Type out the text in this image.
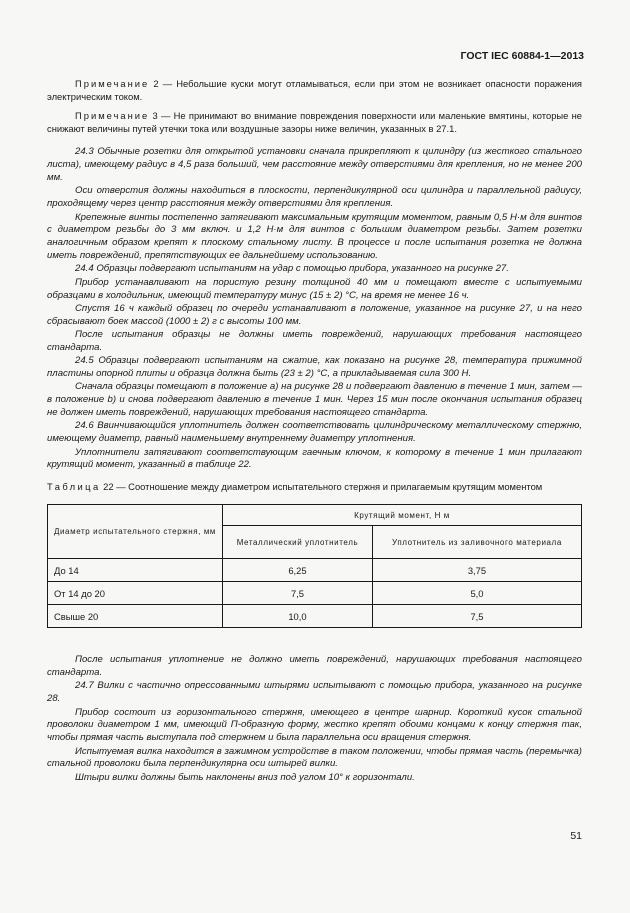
ГОСТ IEC 60884-1—2013

Примечание 2 — Небольшие куски могут отламываться, если при этом не возникает опасности поражения электрическим током.

Примечание 3 — Не принимают во внимание повреждения поверхности или маленькие вмятины, которые не снижают величины путей утечки тока или воздушные зазоры ниже величин, указанных в 27.1.

24.3 Обычные розетки для открытой установки сначала прикрепляют к цилиндру (из жесткого стального листа), имеющему радиус в 4,5 раза больший, чем расстояние между отверстиями для крепления, но не менее 200 мм.

Оси отверстия должны находиться в плоскости, перпендикулярной оси цилиндра и параллельной радиусу, проходящему через центр расстояния между отверстиями для крепления.

Крепежные винты постепенно затягивают максимальным крутящим моментом, равным 0,5 Н·м для винтов с диаметром резьбы до 3 мм включ. и 1,2 Н·м для винтов с большим диаметром резьбы. Затем розетки аналогичным образом крепят к плоскому стальному листу. В процессе и после испытания розетка не должна иметь повреждений, препятствующих ее дальнейшему использованию.

24.4 Образцы подвергают испытаниям на удар с помощью прибора, указанного на рисунке 27.

Прибор устанавливают на пористую резину толщиной 40 мм и помещают вместе с испытуемыми образцами в холодильник, имеющий температуру минус (15 ± 2) °С, на время не менее 16 ч.

Спустя 16 ч каждый образец по очереди устанавливают в положение, указанное на рисунке 27, и на него сбрасывают боек массой (1000 ± 2) г с высоты 100 мм.

После испытания образцы не должны иметь повреждений, нарушающих требования настоящего стандарта.

24.5 Образцы подвергают испытаниям на сжатие, как показано на рисунке 28, температура прижимной пластины опорной плиты и образца должна быть (23 ± 2) °С, а прикладываемая сила 300 Н.

Сначала образцы помещают в положение а) на рисунке 28 и подвергают давлению в течение 1 мин, затем — в положение b) и снова подвергают давлению в течение 1 мин. Через 15 мин после окончания испытания образец не должен иметь повреждений, нарушающих требования настоящего стандарта.

24.6 Ввинчивающийся уплотнитель должен соответствовать цилиндрическому металлическому стержню, имеющему диаметр, равный наименьшему внутреннему диаметру уплотнения.

Уплотнители затягивают соответствующим гаечным ключом, к которому в течение 1 мин прилагают крутящий момент, указанный в таблице 22.

Таблица 22 — Соотношение между диаметром испытательного стержня и прилагаемым крутящим моментом
Диаметр испытательного стержня, мм	Крутящий момент, Н м	
	Металлический уплотнитель	Уплотнитель из заливочного материала
До 14	6,25	3,75
От 14 до 20	7,5	5,0
Свыше 20	10,0	7,5

После испытания уплотнение не должно иметь повреждений, нарушающих требования настоящего стандарта.

24.7 Вилки с частично опрессованными штырями испытывают с помощью прибора, указанного на рисунке 28.

Прибор состоит из горизонтального стержня, имеющего в центре шарнир. Короткий кусок стальной проволоки диаметром 1 мм, имеющий П-образную форму, жестко крепят обоими концами к концу стержня так, чтобы прямая часть выступала под стержнем и была параллельна оси вращения стержня.

Испытуемая вилка находится в зажимном устройстве в таком положении, чтобы прямая часть (перемычка) стальной проволоки была перпендикулярна оси штырей вилки.

Штыри вилки должны быть наклонены вниз под углом 10° к горизонтали.

51
